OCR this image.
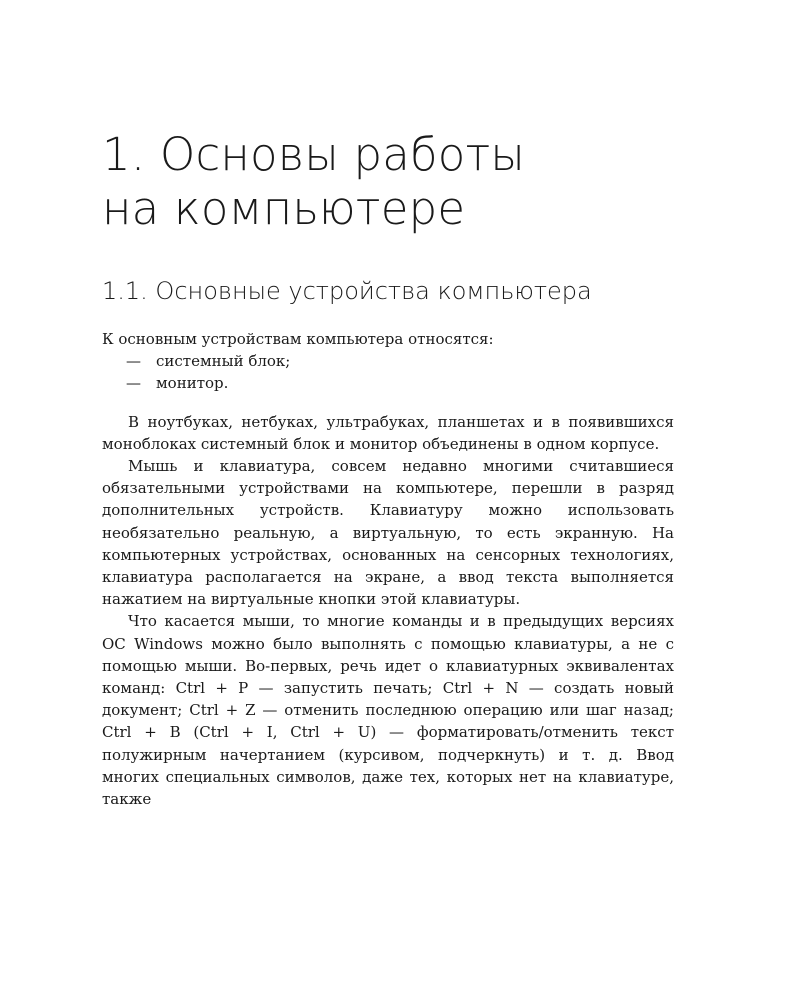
1. Основы работы
на компьютере
1.1. Основные устройства компьютера

К основным устройствам компьютера относятся:

— системный блок;
— монитор.

В ноутбуках, нетбуках, ультрабуках, планшетах и в появившихся моноблоках системный блок и монитор объединены в одном корпусе.

Мышь и клавиатура, совсем недавно многими считавшиеся обязательными устройствами на компьютере, перешли в разряд дополнительных устройств. Клавиатуру можно использовать необязательно реальную, а виртуальную, то есть экранную. На компьютерных устройствах, основанных на сенсорных технологиях, клавиатура располагается на экране, а ввод текста выполняется нажатием на виртуальные кнопки этой клавиатуры.

Что касается мыши, то многие команды и в предыдущих версиях ОС Windows можно было выполнять с помощью клавиатуры, а не с помощью мыши. Во-первых, речь идет о клавиатурных эквивалентах команд: Ctrl + P — запустить печать; Ctrl + N — создать новый документ; Ctrl + Z — отменить последнюю операцию или шаг назад; Ctrl + B (Ctrl + I, Ctrl + U) — форматировать/отменить текст полужирным начертанием (курсивом, подчеркнуть) и т. д. Ввод многих специальных символов, даже тех, которых нет на клавиатуре, также
